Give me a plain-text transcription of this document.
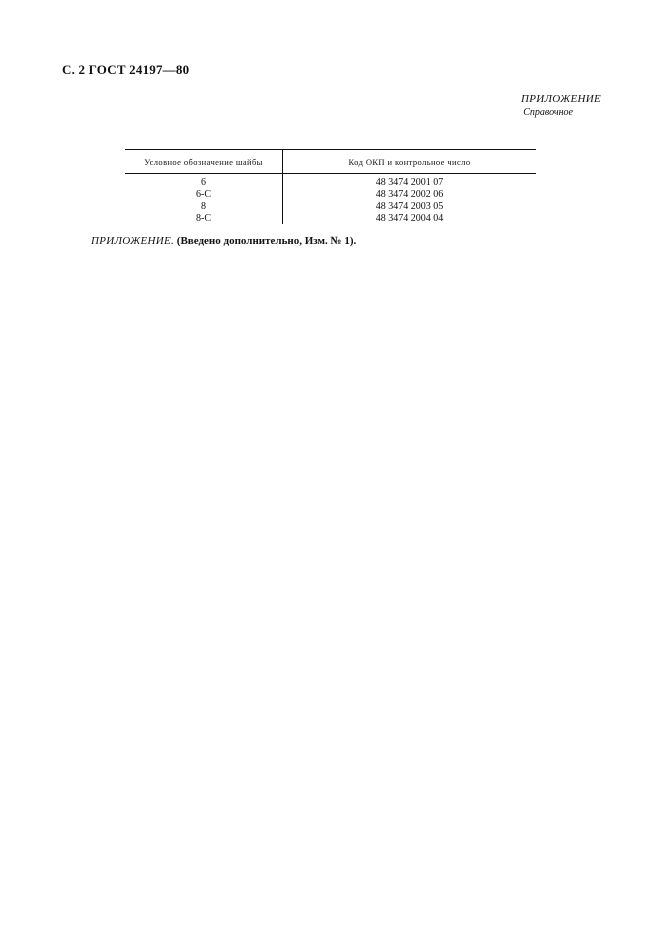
С. 2 ГОСТ 24197—80
ПРИЛОЖЕНИЕ
Справочное
Условное обозначение шайбы	Код ОКП и контрольное число
6	48 3474 2001 07
6-С	48 3474 2002 06
8	48 3474 2003 05
8-С	48 3474 2004 04
ПРИЛОЖЕНИЕ. (Введено дополнительно, Изм. № 1).
